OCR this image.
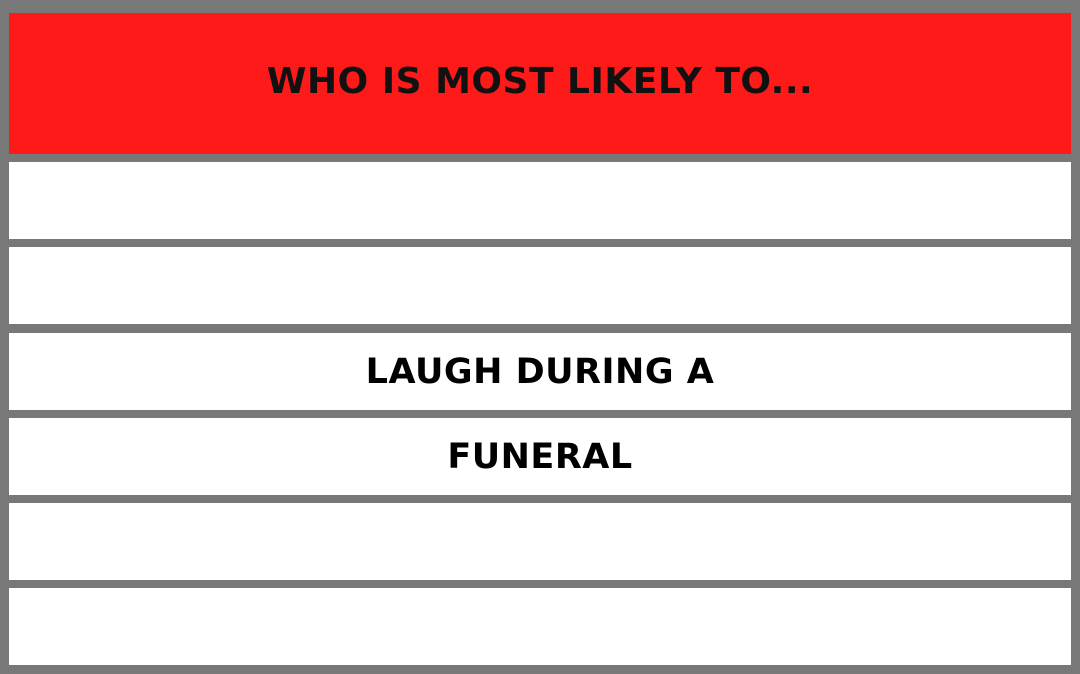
WHO IS MOST LIKELY TO...
LAUGH DURING A
FUNERAL
